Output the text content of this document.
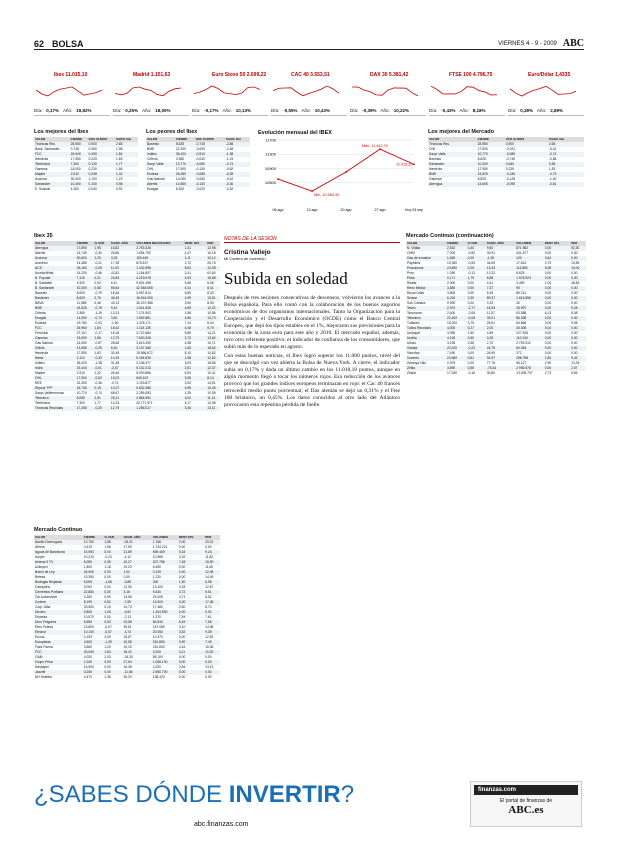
62 BOLSA	VIERNES 4 - 9 - 2009 ABC
Ibex 11.015,10
Día: 0,17% Año: 19,82%
Madrid 1.151,63
Día: 0,25% Año: 18,00%
Euro Stoxx 50 2.699,22
Día: -0,17% Año: 10,13%
CAC 40 3.553,51
Día: -0,55% Año: 10,43%
DAX 30 5.381,42
Día: -0,39% Año: 10,22%
FTSE 100 4.796,75
Día: -0,43% Año: 8,18%
Euro/Dólar 1,4335
Día: 0,38% Año: 2,89%
Los mejores del Ibex
VALOR	CIERRE	VAR. EUROS	%VAR. Día
Técnicas Reu.	28,950	0,900	2,65
Bank. Santander	3,745	0,060	1,98
FCC	26,940	0,490	1,84
Iberdrola	17,950	0,225	1,83
Telefónica	7,300	0,130	1,77
Gamesa	15,000	0,230	1,56
Mapfre	2,910	0,038	1,32
Acciona	90,400	1,100	1,23
Santander	10,400	0,100	0,98
E. Solaroil	4,300	0,040	0,92
Los peores del Ibex
VALOR	CIERRE	VAR. EUROS	%VAR. Día
Banesto	8,625	-0,745	-2,85
BME	22,300	-0,630	-2,48
Inditex	36,420	-0,510	-1,38
Criteria	3,360	-0,040	-1,19
Sacyr Valle.	10,770	-0,080	-0,74
OHL	17,900	-0,130	-0,62
Endesa	26,280	-0,085	-0,39
Gas Natural	14,050	-0,060	-0,42
Abertis	14,550	-0,130	-0,30
Enagas	6,320	-0,020	-0,32
Evolución mensual del IBEX
11700
11300
10900
10500
06 ago	13 ago	20 ago	27 ago	Hoy 03 sep
Máx. 11.442,70
Mín. 10.260,90
11.015,10
Los mejores del Mercado
VALOR	CIERRE	VAR. EUROS	%VAR. Día
Técnicas Reu.	28,950	0,900	2,65
OHL	17,500	-0,021	-0,41
Sacyr Valle.	10,770	-0,080	-0,74
Banesto	8,625	-0,745	-0,85
Santander	10,300	0,060	0,58
Iberdrola	17,950	0,225	1,83
BME	24,525	-0,180	-0,73
Gamesa	8,825	-0,125	-1,40
Abengoa	14,605	-0,090	-0,61
Ibex 35
VALOR	CIERRE	% VAR.	%VAR. AÑO	VOLUMEN NEGOCIADO	RENT. DIV.	PER
Abengoa	17,890	1,95	16,82	2.753.326	1,41	12,98
Abertis	14,745	-0,30	25,86	1.694.792	4,47	16,18
Acciona	90,600	1,29	3,33	153.449	1,11	10,12
Acerinox	14,485	-0,21	17,35	675.437	2,72	26,76
ACS	35,160	-0,06	11,00	1.432.996	5,84	10,08
ArcelorMittal	24,200	-0,46	42,82	1.154.807	2,41	61,60
B. Popular	7,115	0,21	24,83	4.219.675	4,93	15,68
B. Sabadell	4,920	0,92	6,41	9.631.498	5,68	6,08
B. Santander	10,300	0,58	55,64	42.948.655	4,31	8,41
Banesto	8,620	-0,79	18,48	3.597.814	6,85	8,33
Bankinter	8,620	2,76	45,49	16.516.090	4,99	13,81
BBVA	11,985	0,46	43,13	30.237.388	3,50	8,53
BME	24,525	-0,75	9,42	1.041.828	4,89	12,02
Criteria	3,360	-1,19	13,13	7.174.902	1,86	10,86
Enagás	14,050	-0,74	3,60	1.592.861	4,56	13,73
Endesa	19,780	-0,03	-1,60	1.478.171	7,14	6,04
FCC	26,950	1,84	18,42	1.115.135	4,46	9,70
Ferrovial	27,110	-0,17	18,18	3.722.664	5,85	14,21
Gamesa	15,000	1,56	13,79	7.600.328	3,72	13,62
Gas Natural	14,050	-0,57	28,66	3.613.490	4,98	10,71
Grifols	13,065	-0,25	6,40	3.137.465	1,65	18,62
Iberdrola	17,950	1,83	30,45	15.866.672	5,10	10,82
Iberia	2,110	-0,32	14,19	5.184.830	1,98	12,62
Inditex	36,420	-1,38	31,48	2.106.377	3,03	18,56
Indra	15,440	-0,01	-2,47	5.142.213	2,61	12,37
Mapfre	2,910	1,32	26,46	5.030.866	6,53	10,41
OHL	17,900	-0,62	15,02	649.102	3,08	8,14
REE	32,300	-0,46	-0,74	1.193.877	3,94	14,51
Repsol YPF	16,745	0,15	10,37	5.632.486	4,59	13,45
Sacyr Vallehermoso	10,770	-0,74	68,67	2.295.083	1,39	10,09
Telecinco	8,080	2,51	25,11	2.864.691	3,04	11,31
Telefónica	7,300	1,77	14,33	22.771.971	5,17	14,98
Técnicas Reunidas	17,265	-0,20	12,79	1.256.017	3,45	13,11
Mercado Continuo
VALOR	CIERRE	% VAR.	%VAR. AÑO	VOLUMEN	RENT. DIV.	PER
Adolfo Domínguez	12,700	1,98	-29,31	1.766	2,00	20,31
Afirma	0,419	1,96	17,69	1.734.221	0,00	0,00
Aguas de Barcelona	15,900	0,00	21,89	669.469	5,34	9,24
Amper	10,210	-0,20	-4,12	10.965	3,32	11,82
Antena 3 TV	6,050	0,35	10,27	327.786	7,48	15,90
Azkoyen	1,800	1,18	19,20	6.450	0,00	11,60
Barón de Ley	44,900	0,00	1,02	3.130	0,00	12,05
Befesa	13,350	0,00	0,00	1.220	0,00	14,49
Bodegas Riojanas	5,000	-1,96	-3,85	300	1,50	6,98
Campofrío	9,000	0,00	12,50	13.100	3,33	12,87
Cementos Portland	22,850	0,00	3,16	5.430	3,72	6,51
Cie Automotive	4,250	0,59	14,56	24.005	4,71	5,52
Codere	8,190	0,62	-7,69	14.500	0,00	17,48
Corp. Alba	33,500	0,15	14,73	17.480	2,60	8,74
Deoleo	0,805	1,26	-0,62	1.204.590	0,00	0,00
Dinamia	10,570	0,00	-2,13	1.370	7,54	7,61
Duro Felguera	5,650	0,53	23,58	80.640	5,49	7,65
Ebro Puleva	13,800	-0,07	39,51	167.080	3,10	14,96
Elecnor	10,100	-0,57	-3,74	20.050	3,52	9,35
Ercros	0,193	2,09	15,57	10.370	0,00	12,52
Europistas	4,600	-1,39	10,58	310.850	0,90	7,49
Faes Farma	3,660	1,20	10,15	210.600	4,16	15,06
FCC	26,940	1,84	18,42	3.200	3,11	10,20
GAM	4,020	2,03	-24,30	58.100	0,00	0,00
Grupo Prisa	2,160	0,93	27,64	1.008.130	0,00	0,00
Iberpapel	16,900	0,00	16,38	4.320	2,84	13,13
Jazztel	0,250	0,40	-11,66	2.550.700	0,00	0,00
NH Hoteles	4,470	1,36	30,20	138.420	0,00	0,00
NOTAS DE LA SESIÓN
Cristina Vallejo
Mi Cartera de Inversión
Subida en soledad

Después de tres sesiones consecutivas de descensos, volvieron los avances a la Bolsa española. Para ello contó con la colaboración de los buenos augurios económicos de dos organismos internacionales. Tanto la Organización para la Cooperación y el Desarrollo Económico (OCDE) como el Banco Central Europeo, que dejó los tipos estables en el 1%, mejoraron sus previsiones para la economía de la zona euro para este año y 2010. El mercado español, además, tuvo otro referente positivo: el indicador de confianza de los consumidores, que subió más de lo esperado en agosto.

Con estas buenas noticias, el Ibex logró superar los 11.000 puntos, nivel del que se descolgó con vez abierta la Bolsa de Nueva York. A cierre, el indicador subía un 0,17% y dada un último cambio en los 11.018,10 puntos, aunque en algún momento llegó a tocar los números rojos. Esa reducción de los avances provocó que los grandes índices europeos terminaran en rojo: el Cac 40 francés retrocedió medio punto porcentual; el Dax alemán se dejó un 0,31% y el Ftse 100 británico, un 0,45%. Los datos conocidos al otro lado del Atlántico provocaron esta repentina pérdida de fuelle.

Mercado Continuo (continuación)
VALOR	CIERRE	% VAR.	%VAR. AÑO	VOLUMEN	RENT. DIV.	PER
N. Vilalta	2,510	0,40	9,60	871.982	0,00	92,30
OHM	7,200	-0,60	30,91	441.677	0,00	0,00
Gas de Invasion	1,650	0,00	-1,50	100	3,64	0,00
Papelera	10,350	-0,53	34,69	17.624	0,75	10,85
Pescanova	24,650	0,25	13,33	115.882	6,08	10,00
Prim	1,390	-0,12	13,32	8.625	0,00	0,00
Prisa	0,171	1,79	6,88	1.978.924	0,00	0,00
Realia	2,000	0,00	4,41	3.490	1,00	46,83
Reno Medici	3,850	0,00	7,37	90	0,00	0,00
Reyal Urbis	3,800	0,00	6,45	86.211	0,00	0,00
Sniace	6,240	2,30	89,37	1.815.556	0,00	0,00
Sos Cuétara	0,990	0,00	0,32	30	0,00	0,00
Tavex	2,970	-2,77	18,93	28.997	0,00	9,28
Tecnocom	2,400	-2,06	11,57	63.588	6,13	8,08
Telecinco	22,400	-0,08	39,21	86.395	0,00	0,00
Tubacex	15,200	3,75	25,51	64.866	3,09	9,08
Tubos Reunidos	4,000	0,27	2,00	30.306	0,00	0,00
Unipapel	3,390	1,50	4,59	227.526	0,00	0,00
Uralita	4,100	0,50	0,25	110.240	0,00	0,00
Urbas	3,195	2,68	2,70	2.752.512	0,00	0,00
Vidrala	22,220	-0,22	24,75	60.384	0,00	0,00
Viscofan	7,490	0,00	26,99	372	0,00	0,00
Vocento	24,680	0,61	31,97	286.798	1,80	9,42
Zardoya Otis	0,975	0,00	77,78	55.127	2,90	13,29
Zeltia	3,890	0,55	-75,34	2.956.578	0,00	2,57
Zinkia	17,030	-0,16	30,80	13.005.707	2,73	9,66
¿SABES DÓNDE INVERTIR?
abc.finanzas.com
finanzas.com
El portal de finanzas de
ABC.es
